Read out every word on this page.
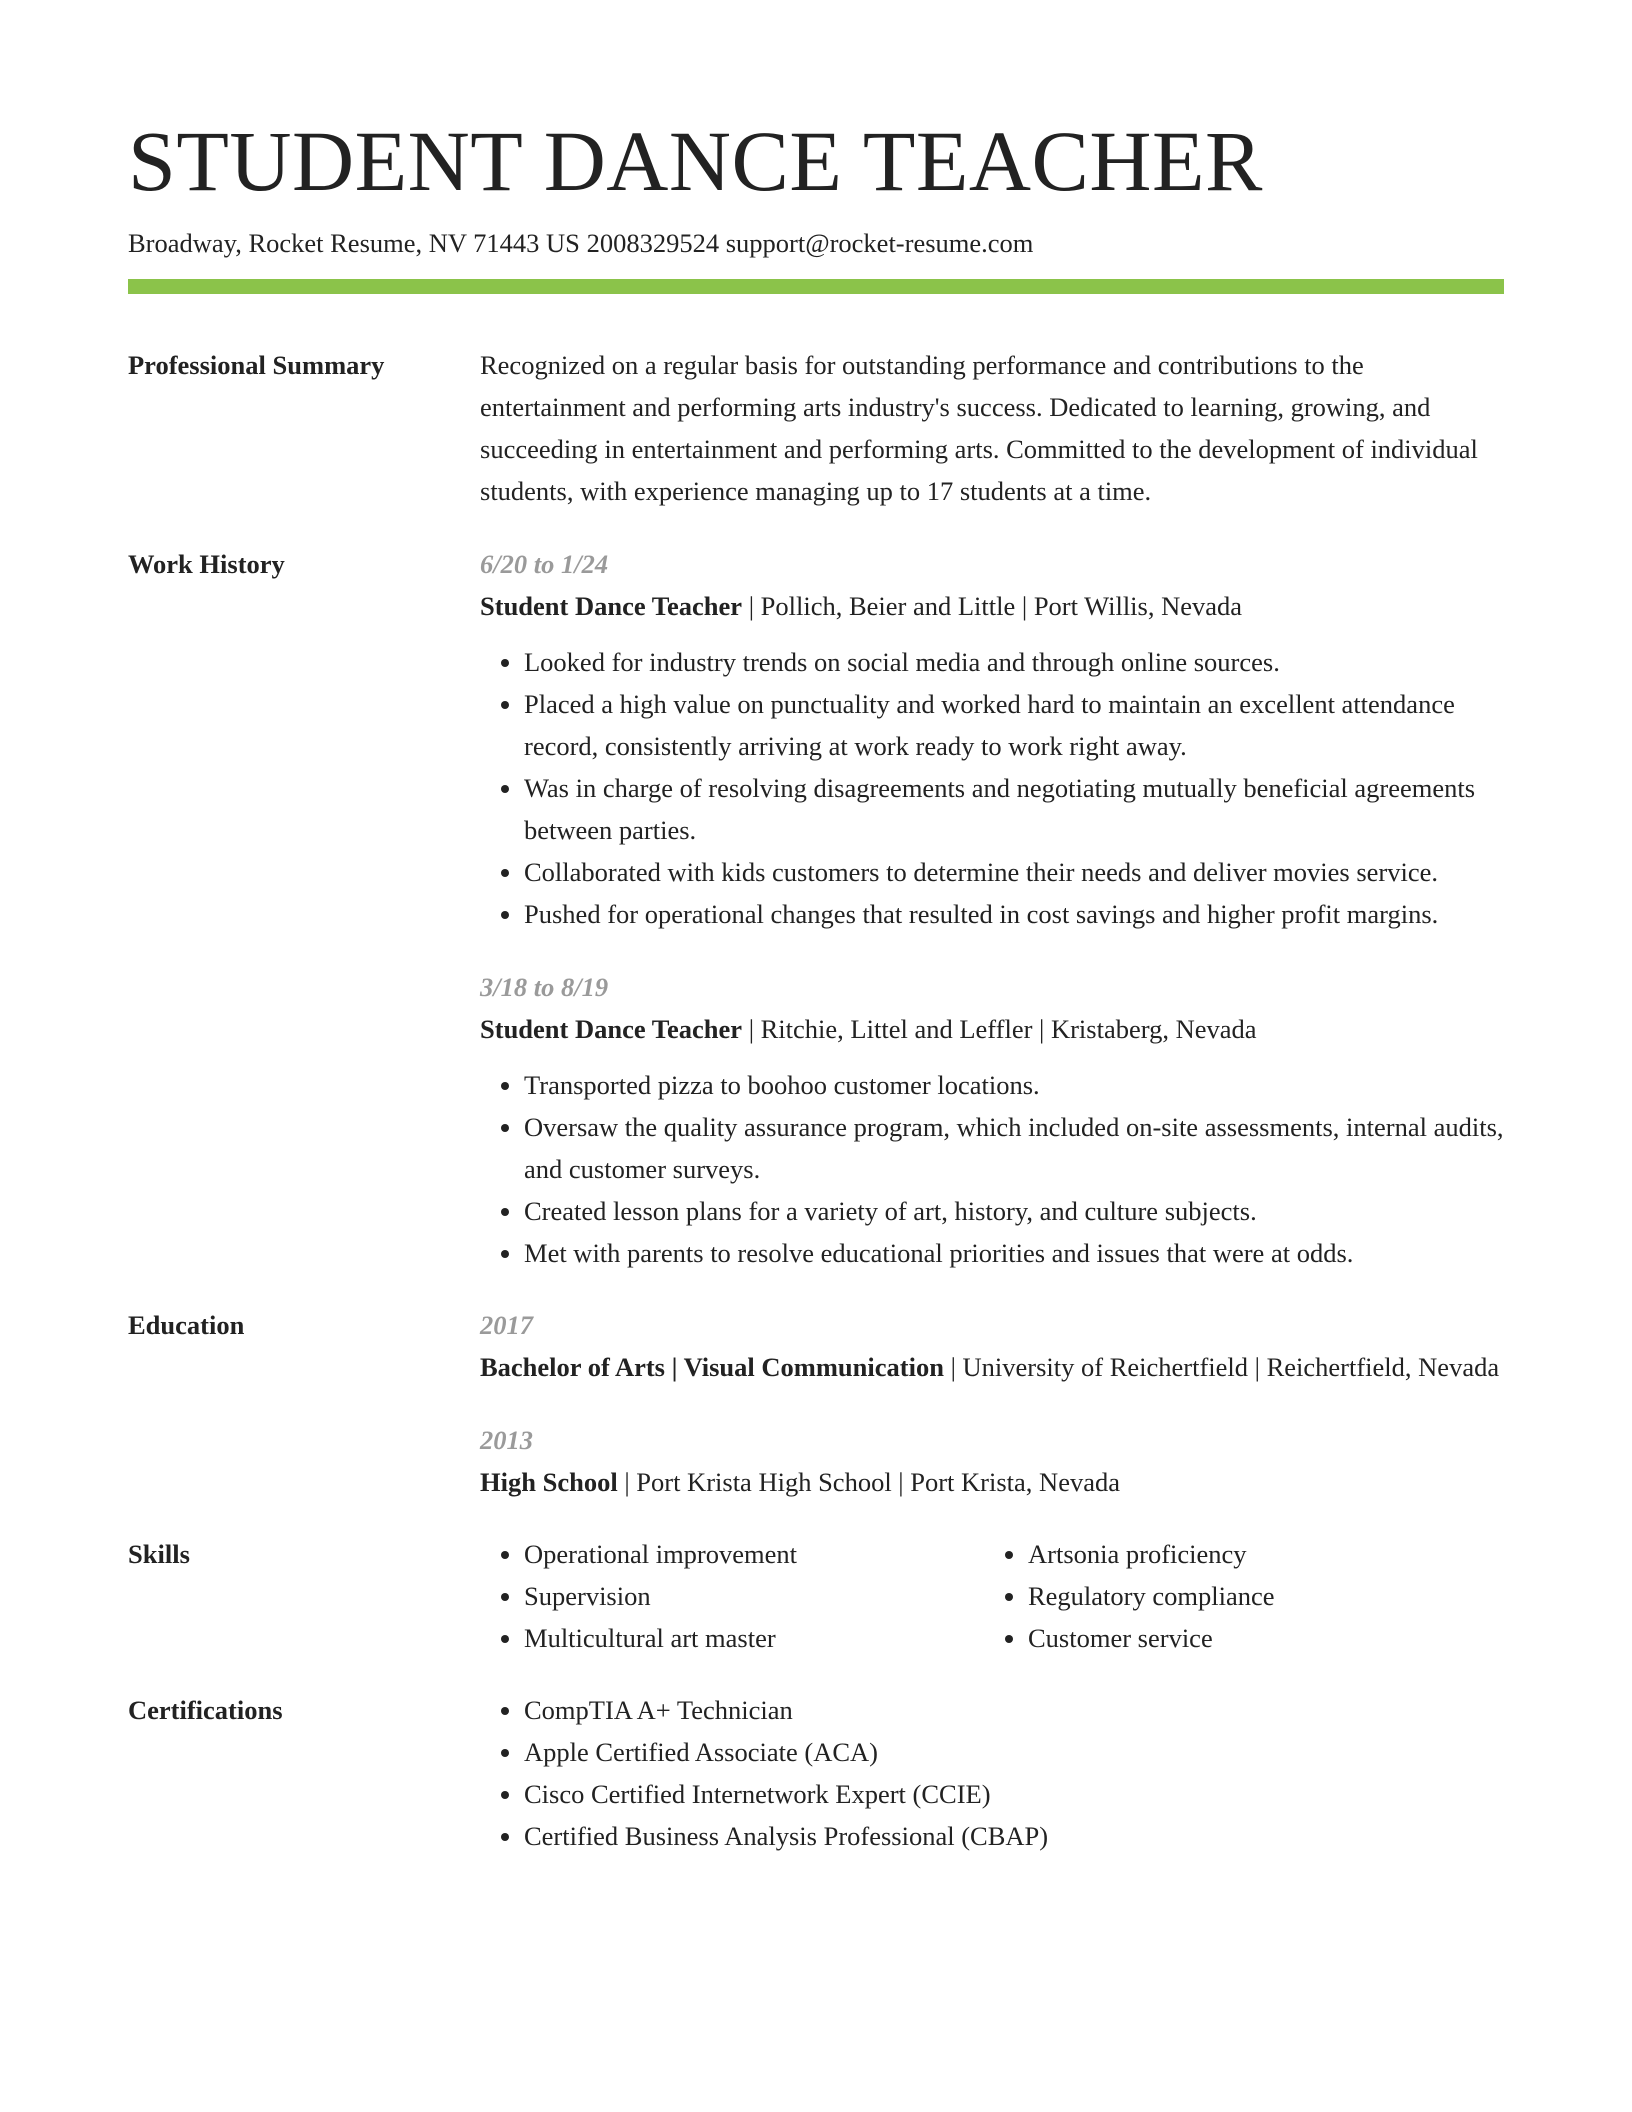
STUDENT DANCE TEACHER
Broadway, Rocket Resume, NV 71443 US 2008329524 support@rocket-resume.com
Professional Summary	Recognized on a regular basis for outstanding performance and contributions to the entertainment and performing arts industry's success. Dedicated to learning, growing, and succeeding in entertainment and performing arts. Committed to the development of individual students, with experience managing up to 17 students at a time.
Work History	6/20 to 1/24
Student Dance Teacher | Pollich, Beier and Little | Port Willis, Nevada
• Looked for industry trends on social media and through online sources.
• Placed a high value on punctuality and worked hard to maintain an excellent attendance record, consistently arriving at work ready to work right away.
• Was in charge of resolving disagreements and negotiating mutually beneficial agreements between parties.
• Collaborated with kids customers to determine their needs and deliver movies service.
• Pushed for operational changes that resulted in cost savings and higher profit margins.
3/18 to 8/19
Student Dance Teacher | Ritchie, Littel and Leffler | Kristaberg, Nevada
• Transported pizza to boohoo customer locations.
• Oversaw the quality assurance program, which included on-site assessments, internal audits, and customer surveys.
• Created lesson plans for a variety of art, history, and culture subjects.
• Met with parents to resolve educational priorities and issues that were at odds.
Education	2017
Bachelor of Arts | Visual Communication | University of Reichertfield | Reichertfield, Nevada
2013
High School | Port Krista High School | Port Krista, Nevada
Skills	• Operational improvement
• Supervision
• Multicultural art master
• Artsonia proficiency
• Regulatory compliance
• Customer service
Certifications	• CompTIA A+ Technician
• Apple Certified Associate (ACA)
• Cisco Certified Internetwork Expert (CCIE)
• Certified Business Analysis Professional (CBAP)
